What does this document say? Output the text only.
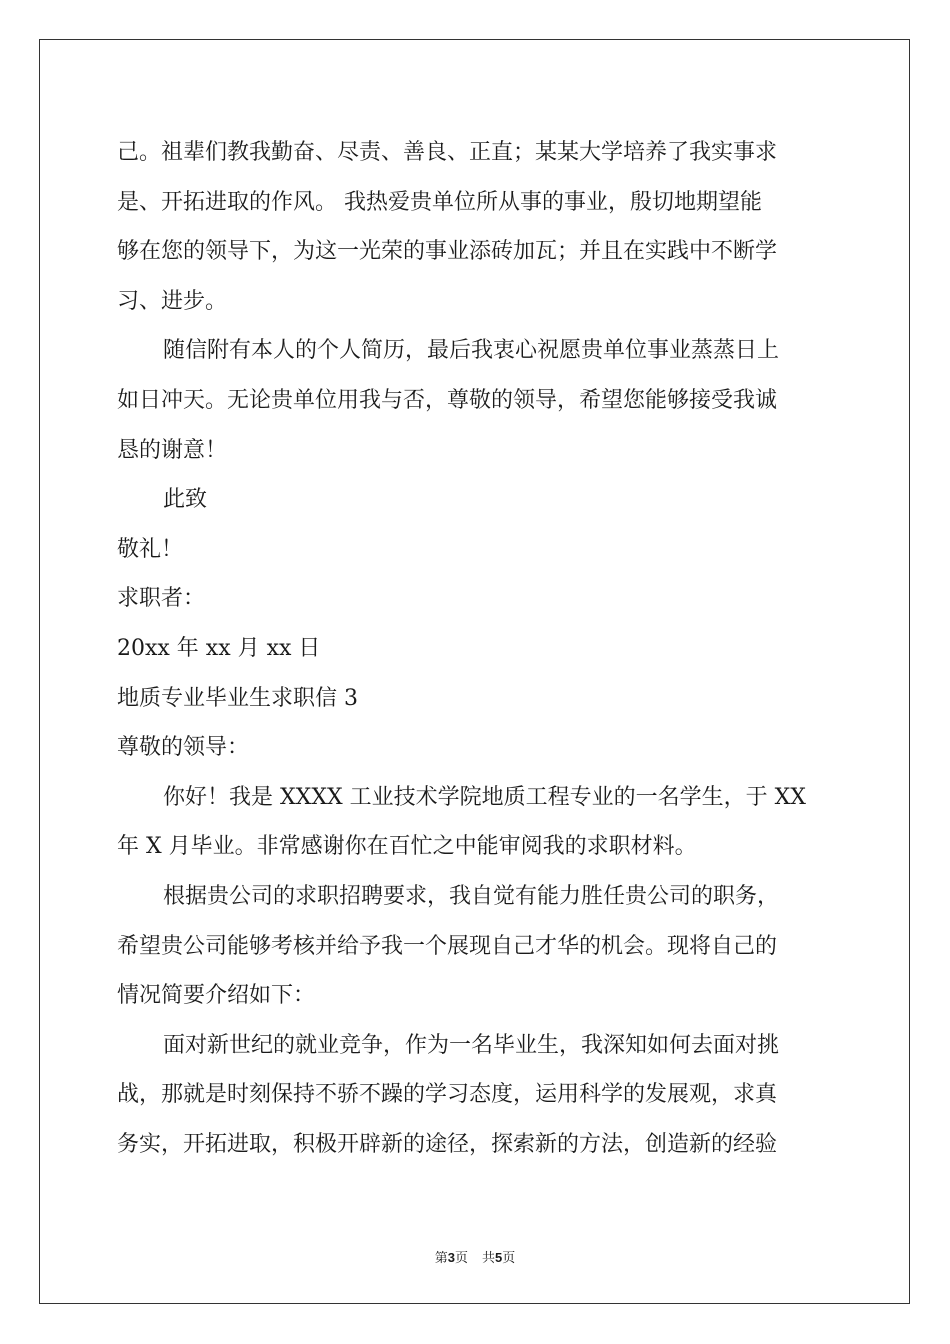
己。祖辈们教我勤奋、尽责、善良、正直；某某大学培养了我实事求
是、开拓进取的作风。 我热爱贵单位所从事的事业，殷切地期望能
够在您的领导下，为这一光荣的事业添砖加瓦；并且在实践中不断学
习、进步。
随信附有本人的个人简历，最后我衷心祝愿贵单位事业蒸蒸日上
如日冲天。无论贵单位用我与否，尊敬的领导，希望您能够接受我诚
恳的谢意！
此致
敬礼！
求职者：
20xx 年 xx 月 xx 日
地质专业毕业生求职信 3
尊敬的领导：
你好！我是 XXXX 工业技术学院地质工程专业的一名学生，于 XX
年 X 月毕业。非常感谢你在百忙之中能审阅我的求职材料。
根据贵公司的求职招聘要求，我自觉有能力胜任贵公司的职务，
希望贵公司能够考核并给予我一个展现自己才华的机会。现将自己的
情况简要介绍如下：
面对新世纪的就业竞争，作为一名毕业生，我深知如何去面对挑
战，那就是时刻保持不骄不躁的学习态度，运用科学的发展观，求真
务实，开拓进取，积极开辟新的途径，探索新的方法，创造新的经验
第3页 共5页
